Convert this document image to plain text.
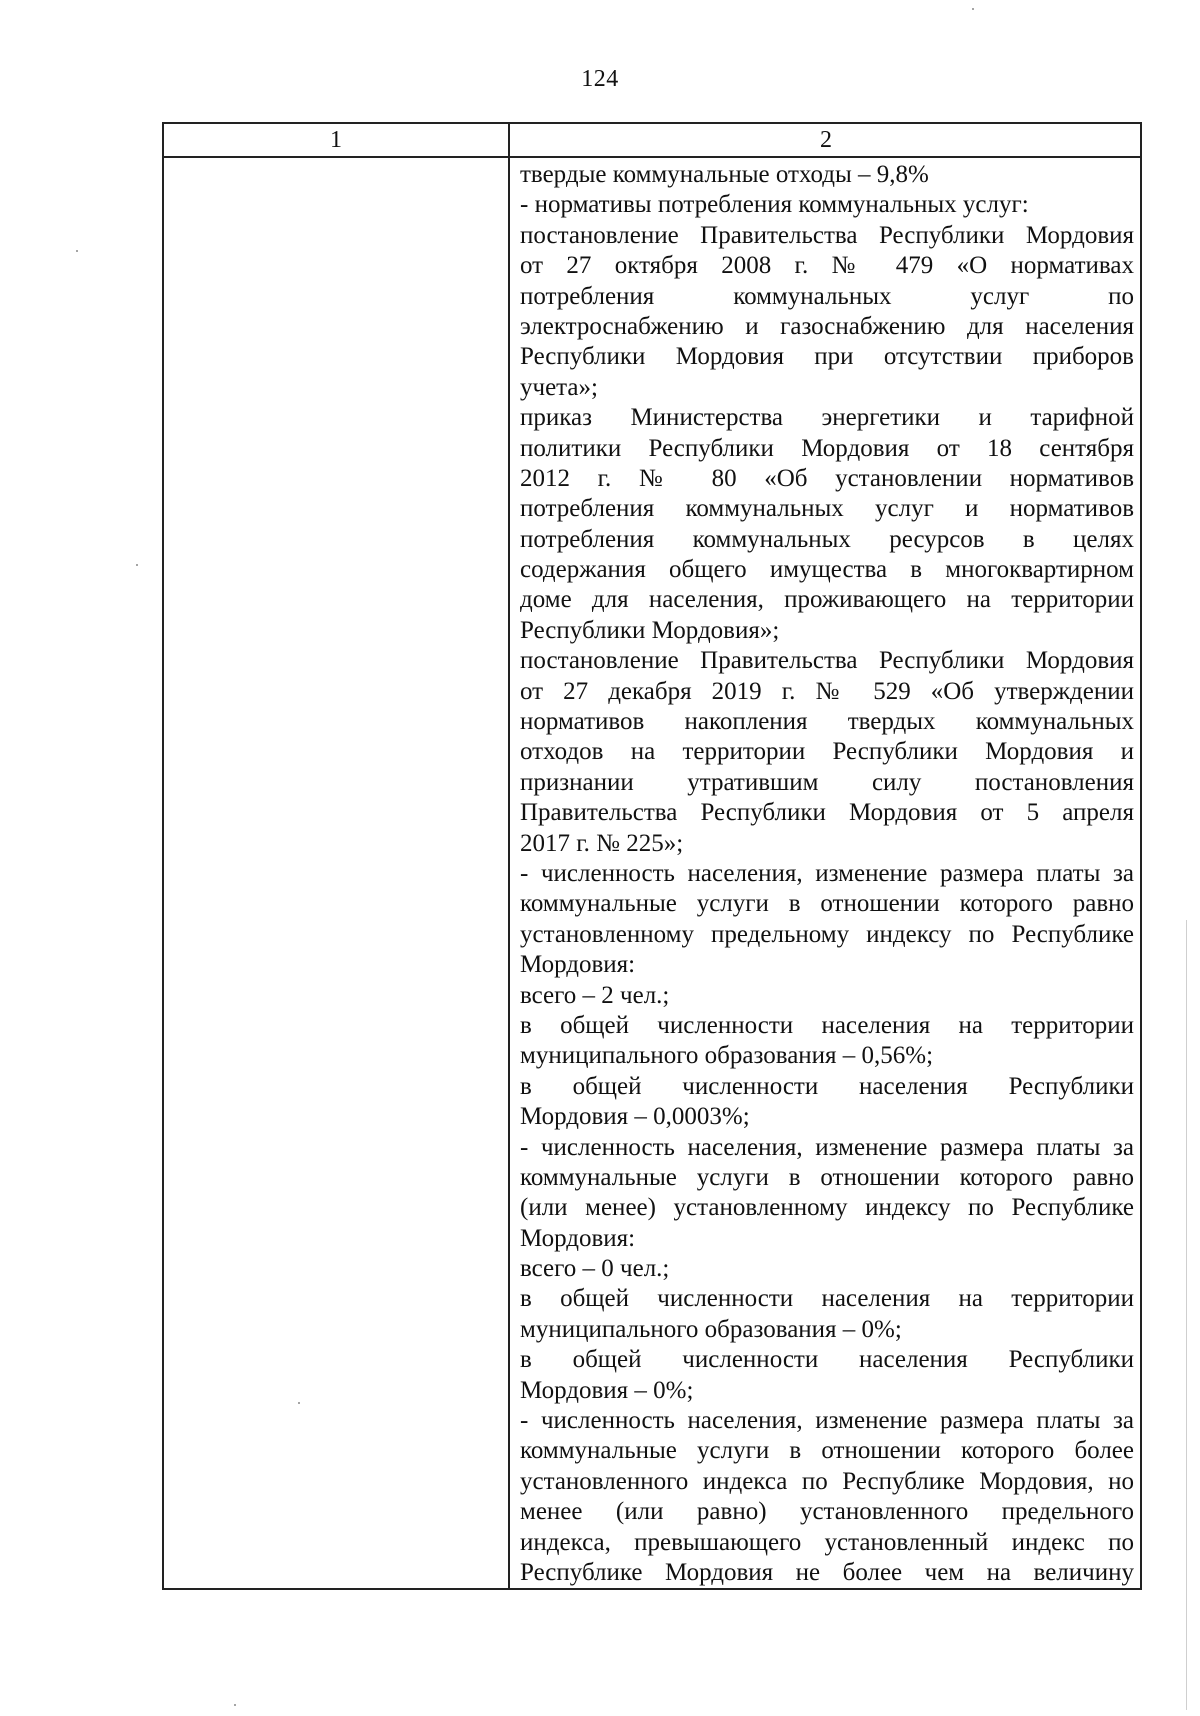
124
1	2
твердые коммунальные отходы – 9,8%
- нормативы потребления коммунальных услуг:
постановление Правительства Республики Мордовия
от 27 октября 2008 г. № 479 «О нормативах
потребления коммунальных услуг по
электроснабжению и газоснабжению для населения
Республики Мордовия при отсутствии приборов
учета»;
приказ Министерства энергетики и тарифной
политики Республики Мордовия от 18 сентября
2012 г. № 80 «Об установлении нормативов
потребления коммунальных услуг и нормативов
потребления коммунальных ресурсов в целях
содержания общего имущества в многоквартирном
доме для населения, проживающего на территории
Республики Мордовия»;
постановление Правительства Республики Мордовия
от 27 декабря 2019 г. № 529 «Об утверждении
нормативов накопления твердых коммунальных
отходов на территории Республики Мордовия и
признании утратившим силу постановления
Правительства Республики Мордовия от 5 апреля
2017 г. № 225»;
- численность населения, изменение размера платы за
коммунальные услуги в отношении которого равно
установленному предельному индексу по Республике
Мордовия:
всего – 2 чел.;
в общей численности населения на территории
муниципального образования – 0,56%;
в общей численности населения Республики
Мордовия – 0,0003%;
- численность населения, изменение размера платы за
коммунальные услуги в отношении которого равно
(или менее) установленному индексу по Республике
Мордовия:
всего – 0 чел.;
в общей численности населения на территории
муниципального образования – 0%;
в общей численности населения Республики
Мордовия – 0%;
- численность населения, изменение размера платы за
коммунальные услуги в отношении которого более
установленного индекса по Республике Мордовия, но
менее (или равно) установленного предельного
индекса, превышающего установленный индекс по
Республике Мордовия не более чем на величину
